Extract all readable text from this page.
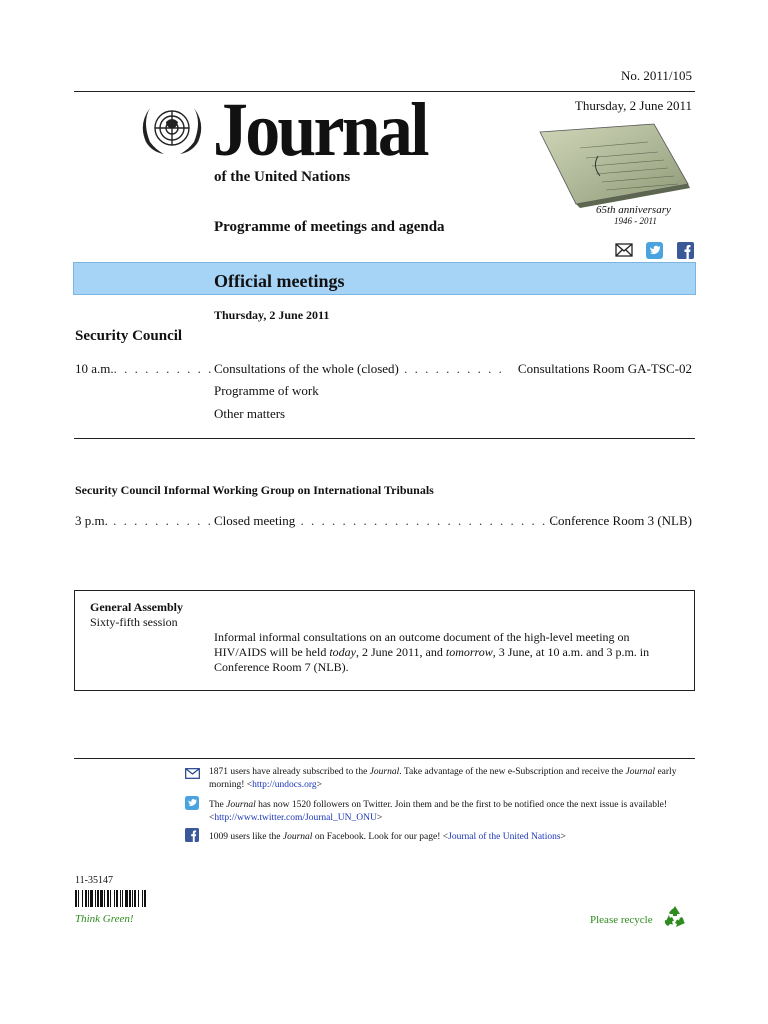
No. 2011/105
Thursday, 2 June 2011
Journal
of the United Nations
65th anniversary
1946 - 2011
Programme of meetings and agenda
Official meetings
Thursday, 2 June 2011
Security Council
10 a.m.. . . . . . . . . . Consultations of the whole (closed) . . . . . . . . . . Consultations Room GA-TSC-02
Programme of work
Other matters
Security Council Informal Working Group on International Tribunals
3 p.m. . . . . . . . . . . Closed meeting . . . . . . . . . . . . . . . . . . . . . . . . .
Conference Room 3 (NLB)
General Assembly
Sixty-fifth session
Informal informal consultations on an outcome document of the high-level meeting on HIV/AIDS will be held today, 2 June 2011, and tomorrow, 3 June, at 10 a.m. and 3 p.m. in Conference Room 7 (NLB).
1871 users have already subscribed to the Journal. Take advantage of the new e-Subscription and receive the Journal early morning! <http://undocs.org>
The Journal has now 1520 followers on Twitter. Join them and be the first to be notified once the next issue is available! <http://www.twitter.com/Journal_UN_ONU>
1009 users like the Journal on Facebook. Look for our page! <Journal of the United Nations>
11-35147
Think Green!	Please recycle
